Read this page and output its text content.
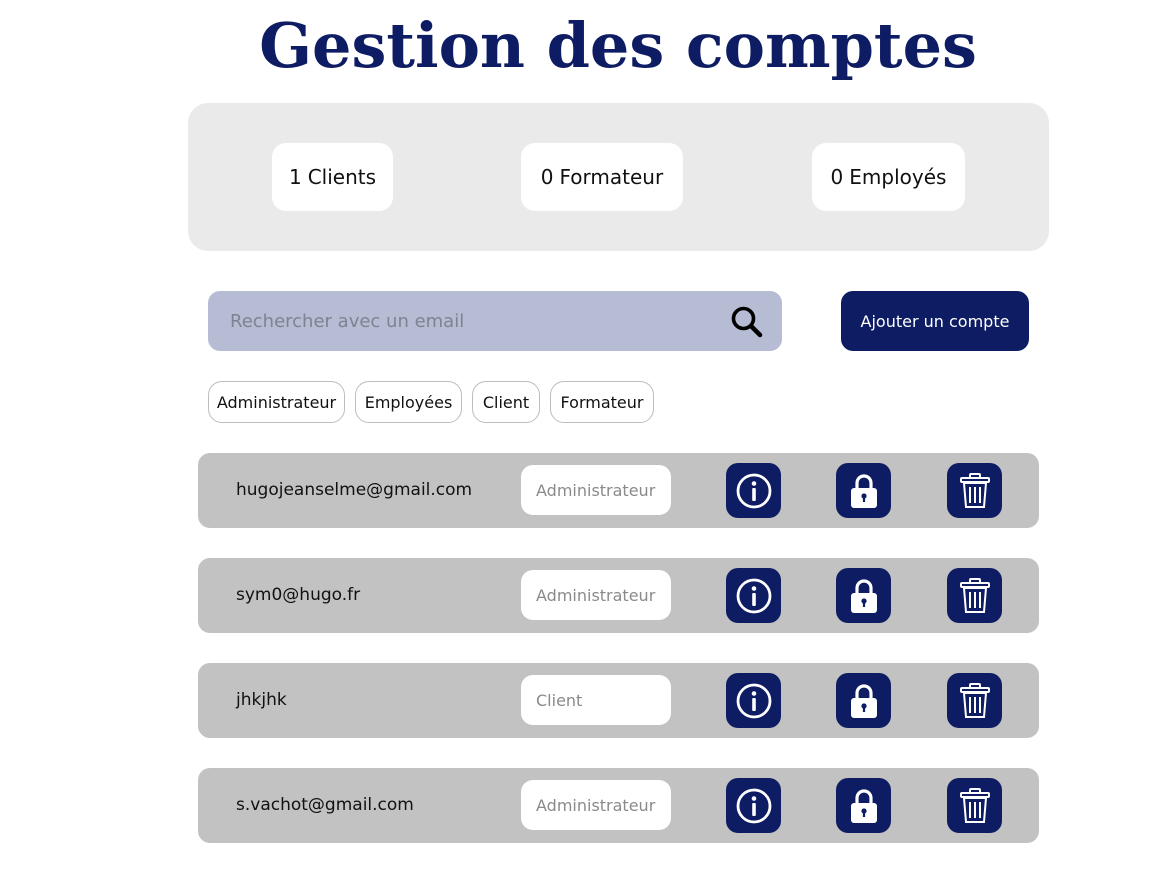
Gestion des comptes
1 Clients	0 Formateur	0 Employés
Rechercher avec un email
Ajouter un compte
Administrateur	Employées	Client	Formateur
hugojeanselme@gmail.com
Administrateur
sym0@hugo.fr
Administrateur
jhkjhk
Client
s.vachot@gmail.com
Administrateur
